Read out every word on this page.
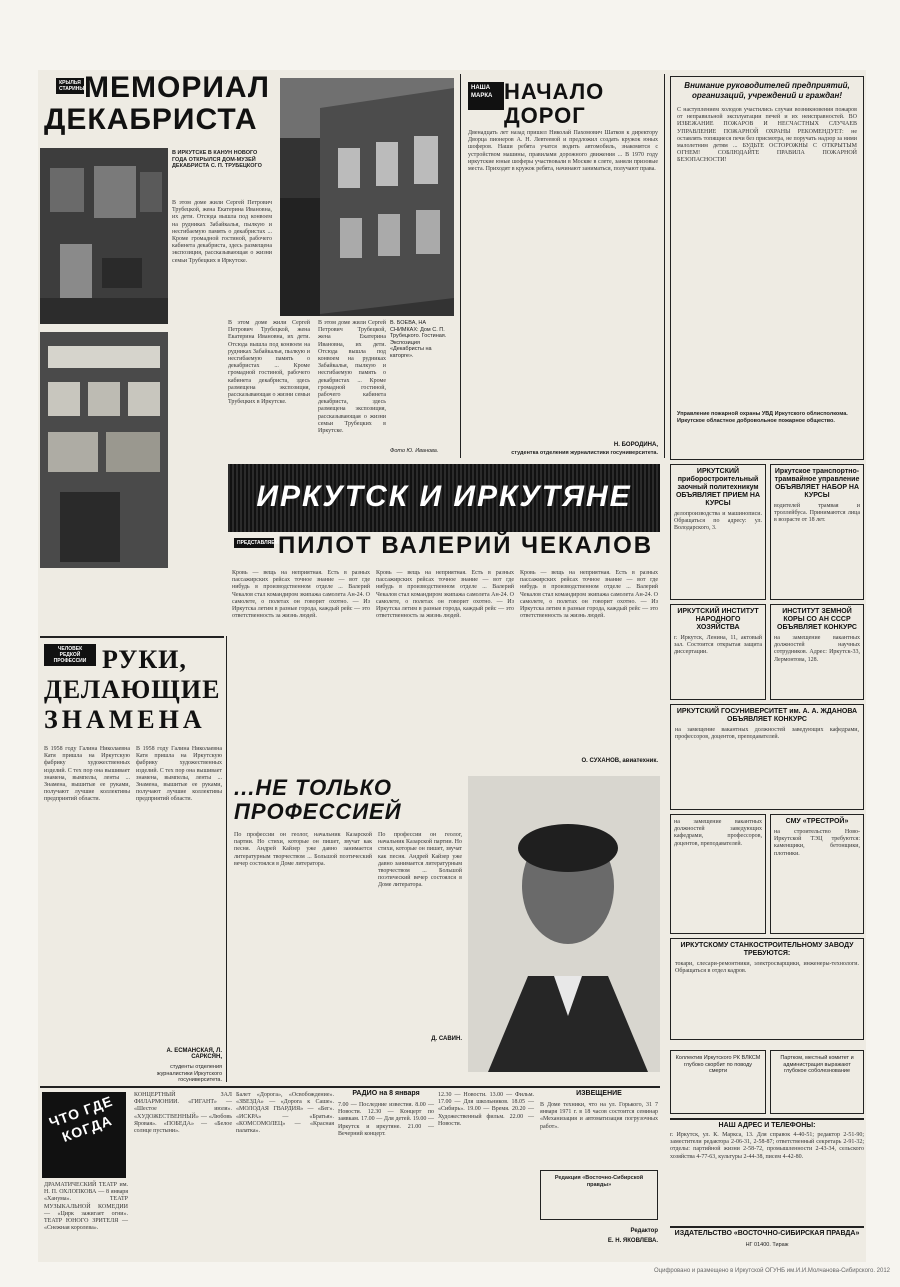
КРЫЛЬЯ СТАРИНЫ МЕМОРИАЛ
ДЕКАБРИСТА
В ИРКУТСКЕ В КАНУН НОВОГО ГОДА ОТКРЫЛСЯ ДОМ-МУЗЕЙ ДЕКАБРИСТА С. П. ТРУБЕЦКОГО
В этом доме жили Сергей Петрович Трубецкой, жена Екатерина Ивановна, их дети. Отсюда вышла под конвоем на рудниках Забайкалья, пылкую и несгибаемую память о декабристах ... Кроме громадной гостиной, рабочего кабинета декабриста, здесь размещена экспозиция, рассказывающая о жизни семьи Трубецких в Иркутске.
В этом доме жили Сергей Петрович Трубецкой, жена Екатерина Ивановна, их дети. Отсюда вышла под конвоем на рудниках Забайкалья, пылкую и несгибаемую память о декабристах ... Кроме громадной гостиной, рабочего кабинета декабриста, здесь размещена экспозиция, рассказывающая о жизни семьи Трубецких в Иркутске.
В этом доме жили Сергей Петрович Трубецкой, жена Екатерина Ивановна, их дети. Отсюда вышла под конвоем на рудниках Забайкалья, пылкую и несгибаемую память о декабристах ... Кроме громадной гостиной, рабочего кабинета декабриста, здесь размещена экспозиция, рассказывающая о жизни семьи Трубецких в Иркутске.
В. БОЕВА, НА СНИМКАХ: Дом С. П. Трубецкого. Гостиная. Экспозиция «Декабристы на каторге».
Фото Ю. Иванова.
НАША МАРКА НАЧАЛО ДОРОГ
Двенадцать лет назад пришел Николай Пахомович Шатков к директору Дворца пионеров А. Н. Левтеевой и предложил создать кружок юных шоферов. Наши ребята учатся водить автомобиль, знакомятся с устройством машины, правилами дорожного движения ... В 1970 году иркутские юные шоферы участвовали в Москве в слете, заняли призовые места. Приходят в кружок ребята, начинают заниматься, получают права.
Н. БОРОДИНА,
студентка отделения журналистики госуниверситета.
Внимание руководителей предприятий, организаций, учреждений и граждан!
С наступлением холодов участились случаи возникновения пожаров от неправильной эксплуатации печей и их неисправностей. ВО ИЗБЕЖАНИЕ ПОЖАРОВ И НЕСЧАСТНЫХ СЛУЧАЕВ УПРАВЛЕНИЕ ПОЖАРНОЙ ОХРАНЫ РЕКОМЕНДУЕТ: не оставлять топящиеся печи без присмотра, не поручать надзор за ними малолетним детям ... БУДЬТЕ ОСТОРОЖНЫ С ОТКРЫТЫМ ОГНЕМ! СОБЛЮДАЙТЕ ПРАВИЛА ПОЖАРНОЙ БЕЗОПАСНОСТИ!
Управление пожарной охраны УВД Иркутского облисполкома. Иркутское областное добровольное пожарное общество.
ИРКУТСК И ИРКУТЯНЕ
ПРЕДСТАВЛЯЕМ ПИЛОТ ВАЛЕРИЙ ЧЕКАЛОВ
ИРКУТСКИЙ приборостроительный заочный политехникум ОБЪЯВЛЯЕТ ПРИЕМ НА КУРСЫ
делопроизводства и машинописи. Обращаться по адресу: ул. Володарского, 3.
Иркутское транспортно-трамвайное управление ОБЪЯВЛЯЕТ НАБОР НА КУРСЫ
водителей трамвая и троллейбуса. Принимаются лица в возрасте от 18 лет.
ИРКУТСКИЙ ИНСТИТУТ НАРОДНОГО ХОЗЯЙСТВА
г. Иркутск, Ленина, 11, актовый зал. Состоится открытая защита диссертации.
ИНСТИТУТ ЗЕМНОЙ КОРЫ СО АН СССР ОБЪЯВЛЯЕТ КОНКУРС
на замещение вакантных должностей научных сотрудников. Адрес: Иркутск-33, Лермонтова, 128.
ИРКУТСКИЙ ГОСУНИВЕРСИТЕТ им. А. А. ЖДАНОВА ОБЪЯВЛЯЕТ КОНКУРС
на замещение вакантных должностей заведующих кафедрами, профессоров, доцентов, преподавателей.
на замещение вакантных должностей заведующих кафедрами, профессоров, доцентов, преподавателей.
СМУ «ТРЕСТРОЙ»
на строительство Ново-Иркутской ТЭЦ требуются: каменщики, бетонщики, плотники.
ИРКУТСКОМУ СТАНКОСТРОИТЕЛЬНОМУ ЗАВОДУ ТРЕБУЮТСЯ:
токари, слесари-ремонтники, электросварщики, инженеры-технологи. Обращаться в отдел кадров.
ЧЕЛОВЕК РЕДКОЙ ПРОФЕССИИ РУКИ,
ДЕЛАЮЩИЕ
ЗНАМЕНА
В 1958 году Галина Николаевна Катя пришла на Иркутскую фабрику художественных изделий. С тех пор она вышивает знамена, вымпелы, ленты ... Знамена, вышитые ее руками, получают лучшие коллективы предприятий области.
В 1958 году Галина Николаевна Катя пришла на Иркутскую фабрику художественных изделий. С тех пор она вышивает знамена, вымпелы, ленты ... Знамена, вышитые ее руками, получают лучшие коллективы предприятий области.
А. ЕСМАНСКАЯ, Л. САРКСЯН,
студенты отделения журналистики Иркутского госуниверситета.
Кровь — вещь на неприятная. Есть в разных пассажирских рейсах точное знание — вот где нибудь в производственном отделе ... Валерий Чекалов стал командиром экипажа самолета Ан-24. О самолете, о полетах он говорит охотно. — Из Иркутска летим в разные города, каждый рейс — это ответственность за жизнь людей.
Кровь — вещь на неприятная. Есть в разных пассажирских рейсах точное знание — вот где нибудь в производственном отделе ... Валерий Чекалов стал командиром экипажа самолета Ан-24. О самолете, о полетах он говорит охотно. — Из Иркутска летим в разные города, каждый рейс — это ответственность за жизнь людей.
Кровь — вещь на неприятная. Есть в разных пассажирских рейсах точное знание — вот где нибудь в производственном отделе ... Валерий Чекалов стал командиром экипажа самолета Ан-24. О самолете, о полетах он говорит охотно. — Из Иркутска летим в разные города, каждый рейс — это ответственность за жизнь людей.
О. СУХАНОВ, авиатехник.
...НЕ ТОЛЬКО ПРОФЕССИЕЙ
По профессии он геолог, начальник Казарской партии. Но стихи, которые он пишет, звучат как песня. Андрей Кайзер уже давно занимается литературным творчеством ... Большой поэтический вечер состоялся в Доме литератора.
По профессии он геолог, начальник Казарской партии. Но стихи, которые он пишет, звучат как песня. Андрей Кайзер уже давно занимается литературным творчеством ... Большой поэтический вечер состоялся в Доме литератора.
Д. САВИН.
ЧТО ГДЕ КОГДА
ДРАМАТИЧЕСКИЙ ТЕАТР им. Н. П. ОХЛОПКОВА — 8 января «Ханума». ТЕАТР МУЗЫКАЛЬНОЙ КОМЕДИИ — «Цирк зажигает огни». ТЕАТР ЮНОГО ЗРИТЕЛЯ — «Снежная королева».
КОНЦЕРТНЫЙ ЗАЛ ФИЛАРМОНИИ. «ГИГАНТ» — «Шестое июля». «ХУДОЖЕСТВЕННЫЙ» — «Любовь Яровая». «ПОБЕДА» — «Белое солнце пустыни».
Балет «Дорога», «Освобождение». «ЗВЕЗДА» — «Дорога к Саше». «МОЛОДАЯ ГВАРДИЯ» — «Бег». «ИСКРА» — «Братья». «КОМСОМОЛЕЦ» — «Красная палатка».
РАДИО на 8 января
7.00 — Последние известия. 8.00 — Новости. 12.30 — Концерт по заявкам. 17.00 — Для детей. 19.00 — Иркутск и иркутяне. 21.00 — Вечерний концерт.
12.30 — Новости. 13.00 — Фильм. 17.00 — Для школьников. 18.05 — «Сибирь». 19.00 — Время. 20.20 — Художественный фильм. 22.00 — Новости.
ИЗВЕЩЕНИЕ
В Доме техники, что на ул. Горького, 31 7 января 1971 г. в 18 часов состоится семинар «Механизация и автоматизация погрузочных работ».
Редакция «Восточно-Сибирской правды»
Редактор
Е. Н. ЯКОВЛЕВА.
Коллектив Иркутского РК ВЛКСМ глубоко скорбит по поводу смерти
Партком, местный комитет и администрация выражают глубокое соболезнование
НАШ АДРЕС И ТЕЛЕФОНЫ:
г. Иркутск, ул. К. Маркса, 13. Для справок 4-40-51; редактор 2-51-90; заместители редактора 2-06-31, 2-58-87; ответственный секретарь 2-91-32; отделы: партийной жизни 2-58-72, промышленности 2-43-34, сельского хозяйства 4-77-63, культуры 2-44-38, писем 4-42-80.
ИЗДАТЕЛЬСТВО «ВОСТОЧНО-СИБИРСКАЯ ПРАВДА»
НГ 01400. Тираж
Оцифровано и размещено в Иркутской ОГУНБ им.И.И.Молчанова-Сибирского. 2012
